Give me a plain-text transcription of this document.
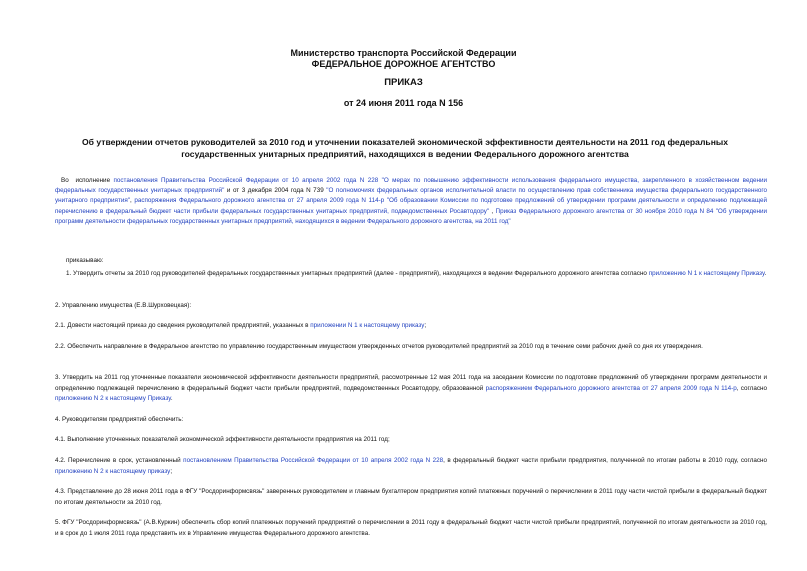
Министерство транспорта Российской Федерации
ФЕДЕРАЛЬНОЕ ДОРОЖНОЕ АГЕНТСТВО
ПРИКАЗ
от 24 июня 2011 года N 156
Об утверждении отчетов руководителей за 2010 год и уточнении показателей экономической эффективности деятельности на 2011 год федеральных государственных унитарных предприятий, находящихся в ведении Федерального дорожного агентства
Во исполнение постановления Правительства Российской Федерации от 10 апреля 2002 года N 228 "О мерах по повышению эффективности использования федерального имущества, закрепленного в хозяйственном ведении федеральных государственных унитарных предприятий" и от 3 декабря 2004 года N 739 "О полномочиях федеральных органов исполнительной власти по осуществлению прав собственника имущества федерального государственного унитарного предприятия", распоряжения Федерального дорожного агентства от 27 апреля 2009 года N 114-р "Об образовании Комиссии по подготовке предложений об утверждении программ деятельности и определению подлежащей перечислению в федеральный бюджет части прибыли федеральных государственных унитарных предприятий, подведомственных Росавтодору" , Приказ Федерального дорожного агентства от 30 ноября 2010 года N 84 "Об утверждении программ деятельности федеральных государственных унитарных предприятий, находящихся в ведении Федерального дорожного агентства, на 2011 год"
приказываю:
1. Утвердить отчеты за 2010 год руководителей федеральных государственных унитарных предприятий (далее - предприятий), находящихся в ведении Федерального дорожного агентства согласно приложению N 1 к настоящему Приказу.
2. Управлению имущества (Е.В.Шурховецкая):
2.1. Довести настоящий приказ до сведения руководителей предприятий, указанных в приложении N 1 к настоящему приказу;
2.2. Обеспечить направление в Федеральное агентство по управлению государственным имуществом утвержденных отчетов руководителей предприятий за 2010 год в течение семи рабочих дней со дня их утверждения.
3. Утвердить на 2011 год уточненные показатели экономической эффективности деятельности предприятий, рассмотренные 12 мая 2011 года на заседании Комиссии по подготовке предложений об утверждении программ деятельности и определению подлежащей перечислению в федеральный бюджет части прибыли предприятий, подведомственных Росавтодору, образованной распоряжением Федерального дорожного агентства от 27 апреля 2009 года N 114-р, согласно приложению N 2 к настоящему Приказу.
4. Руководителям предприятий обеспечить:
4.1. Выполнение уточненных показателей экономической эффективности деятельности предприятия на 2011 год;
4.2. Перечисление в срок, установленный постановлением Правительства Российской Федерации от 10 апреля 2002 года N 228, в федеральный бюджет части прибыли предприятия, полученной по итогам работы в 2010 году, согласно приложению N 2 к настоящему приказу;
4.3. Представление до 28 июня 2011 года в ФГУ "Росдоринформсвязь" заверенных руководителем и главным бухгалтером предприятия копий платежных поручений о перечислении в 2011 году части чистой прибыли в федеральный бюджет по итогам деятельности за 2010 год.
5. ФГУ "Росдоринформсвязь" (А.В.Куркин) обеспечить сбор копий платежных поручений предприятий о перечислении в 2011 году в федеральный бюджет части чистой прибыли предприятий, полученной по итогам деятельности за 2010 год, и в срок до 1 июля 2011 года представить их в Управление имущества Федерального дорожного агентства.
